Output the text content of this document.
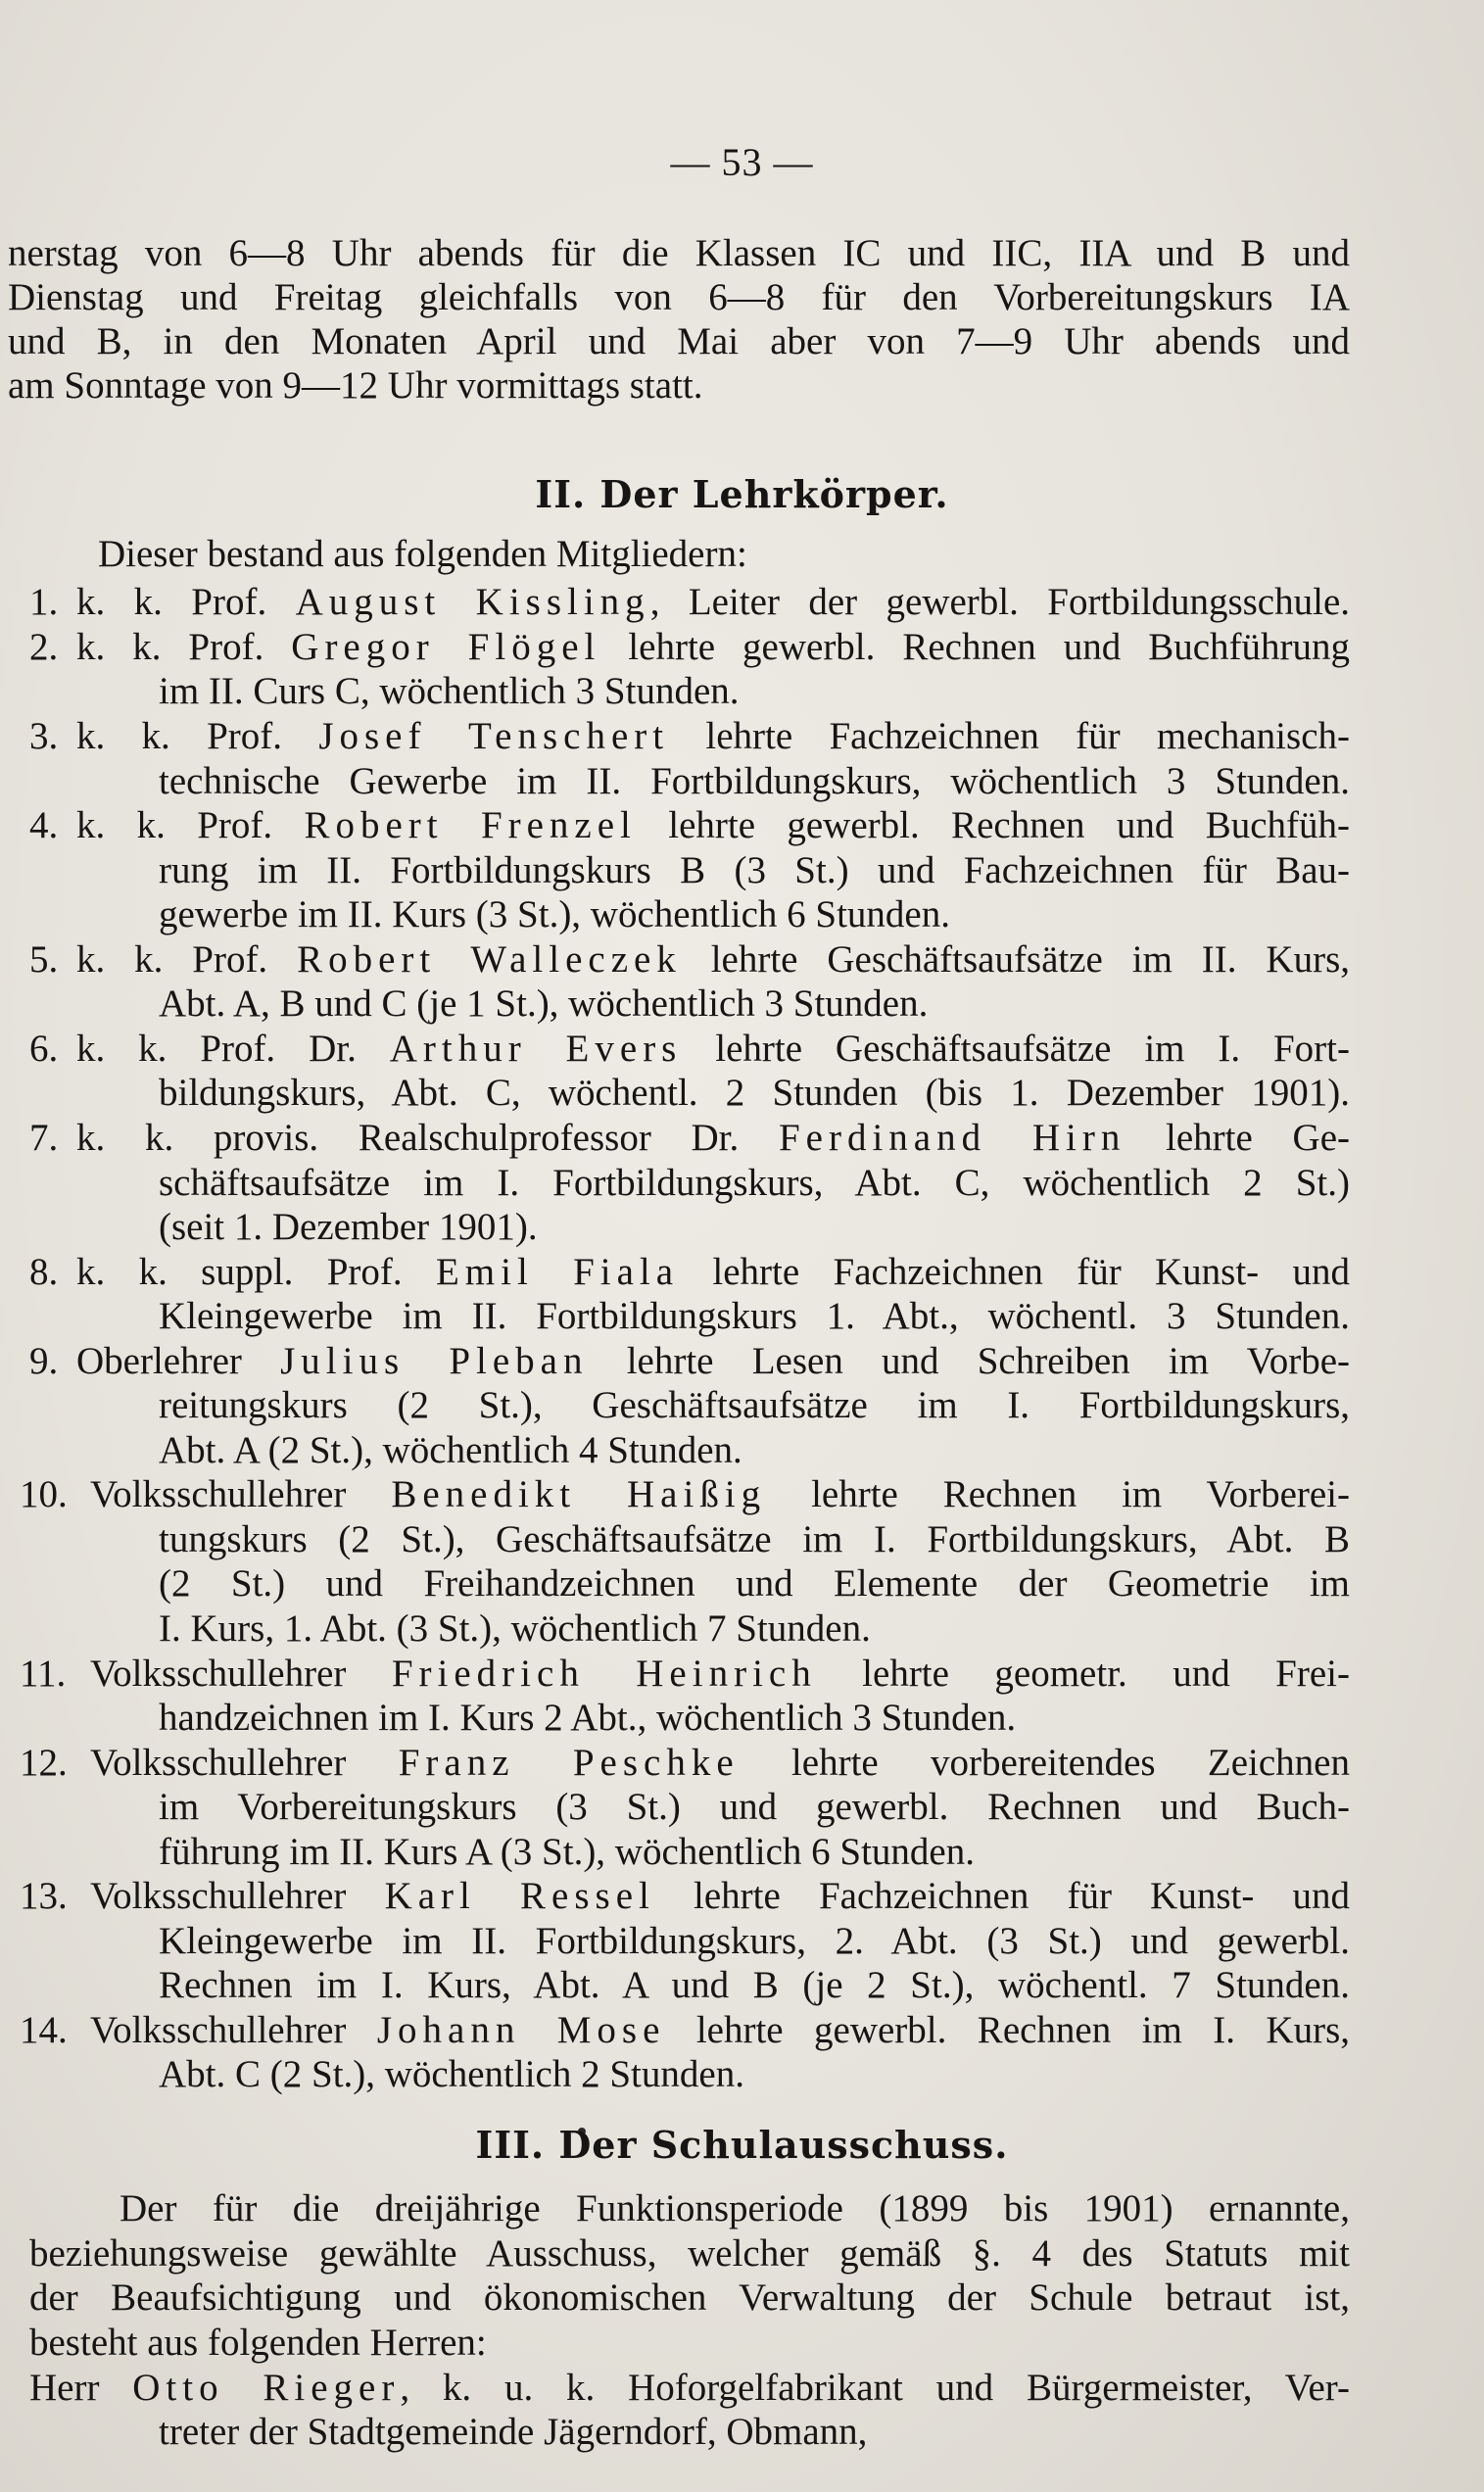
— 53 —
nerstag von 6—8 Uhr abends für die Klassen IC und IIC, IIA und B und
Dienstag und Freitag gleichfalls von 6—8 für den Vorbereitungskurs IA
und B, in den Monaten April und Mai aber von 7—9 Uhr abends und
am Sonntage von 9—12 Uhr vormittags statt.
II. Der Lehrkörper.
Dieser bestand aus folgenden Mitgliedern:
1. k. k. Prof. August Kissling, Leiter der gewerbl. Fortbildungsschule.
2. k. k. Prof. Gregor Flögel lehrte gewerbl. Rechnen und Buchführung
im II. Curs C, wöchentlich 3 Stunden.
3. k. k. Prof. Josef Tenschert lehrte Fachzeichnen für mechanisch-
technische Gewerbe im II. Fortbildungskurs, wöchentlich 3 Stunden.
4. k. k. Prof. Robert Frenzel lehrte gewerbl. Rechnen und Buchfüh-
rung im II. Fortbildungskurs B (3 St.) und Fachzeichnen für Bau-
gewerbe im II. Kurs (3 St.), wöchentlich 6 Stunden.
5. k. k. Prof. Robert Walleczek lehrte Geschäftsaufsätze im II. Kurs,
Abt. A, B und C (je 1 St.), wöchentlich 3 Stunden.
6. k. k. Prof. Dr. Arthur Evers lehrte Geschäftsaufsätze im I. Fort-
bildungskurs, Abt. C, wöchentl. 2 Stunden (bis 1. Dezember 1901).
7. k. k. provis. Realschulprofessor Dr. Ferdinand Hirn lehrte Ge-
schäftsaufsätze im I. Fortbildungskurs, Abt. C, wöchentlich 2 St.)
(seit 1. Dezember 1901).
8. k. k. suppl. Prof. Emil Fiala lehrte Fachzeichnen für Kunst- und
Kleingewerbe im II. Fortbildungskurs 1. Abt., wöchentl. 3 Stunden.
9. Oberlehrer Julius Pleban lehrte Lesen und Schreiben im Vorbe-
reitungskurs (2 St.), Geschäftsaufsätze im I. Fortbildungskurs,
Abt. A (2 St.), wöchentlich 4 Stunden.
10. Volksschullehrer Benedikt Haißig lehrte Rechnen im Vorberei-
tungskurs (2 St.), Geschäftsaufsätze im I. Fortbildungskurs, Abt. B
(2 St.) und Freihandzeichnen und Elemente der Geometrie im
I. Kurs, 1. Abt. (3 St.), wöchentlich 7 Stunden.
11. Volksschullehrer Friedrich Heinrich lehrte geometr. und Frei-
handzeichnen im I. Kurs 2 Abt., wöchentlich 3 Stunden.
12. Volksschullehrer Franz Peschke lehrte vorbereitendes Zeichnen
im Vorbereitungskurs (3 St.) und gewerbl. Rechnen und Buch-
führung im II. Kurs A (3 St.), wöchentlich 6 Stunden.
13. Volksschullehrer Karl Ressel lehrte Fachzeichnen für Kunst- und
Kleingewerbe im II. Fortbildungskurs, 2. Abt. (3 St.) und gewerbl.
Rechnen im I. Kurs, Abt. A und B (je 2 St.), wöchentl. 7 Stunden.
14. Volksschullehrer Johann Mose lehrte gewerbl. Rechnen im I. Kurs,
Abt. C (2 St.), wöchentlich 2 Stunden.
III. Der Schulausschuss.
Der für die dreijährige Funktionsperiode (1899 bis 1901) ernannte,
beziehungsweise gewählte Ausschuss, welcher gemäß §. 4 des Statuts mit
der Beaufsichtigung und ökonomischen Verwaltung der Schule betraut ist,
besteht aus folgenden Herren:
Herr Otto Rieger, k. u. k. Hoforgelfabrikant und Bürgermeister, Ver-
treter der Stadtgemeinde Jägerndorf, Obmann,
